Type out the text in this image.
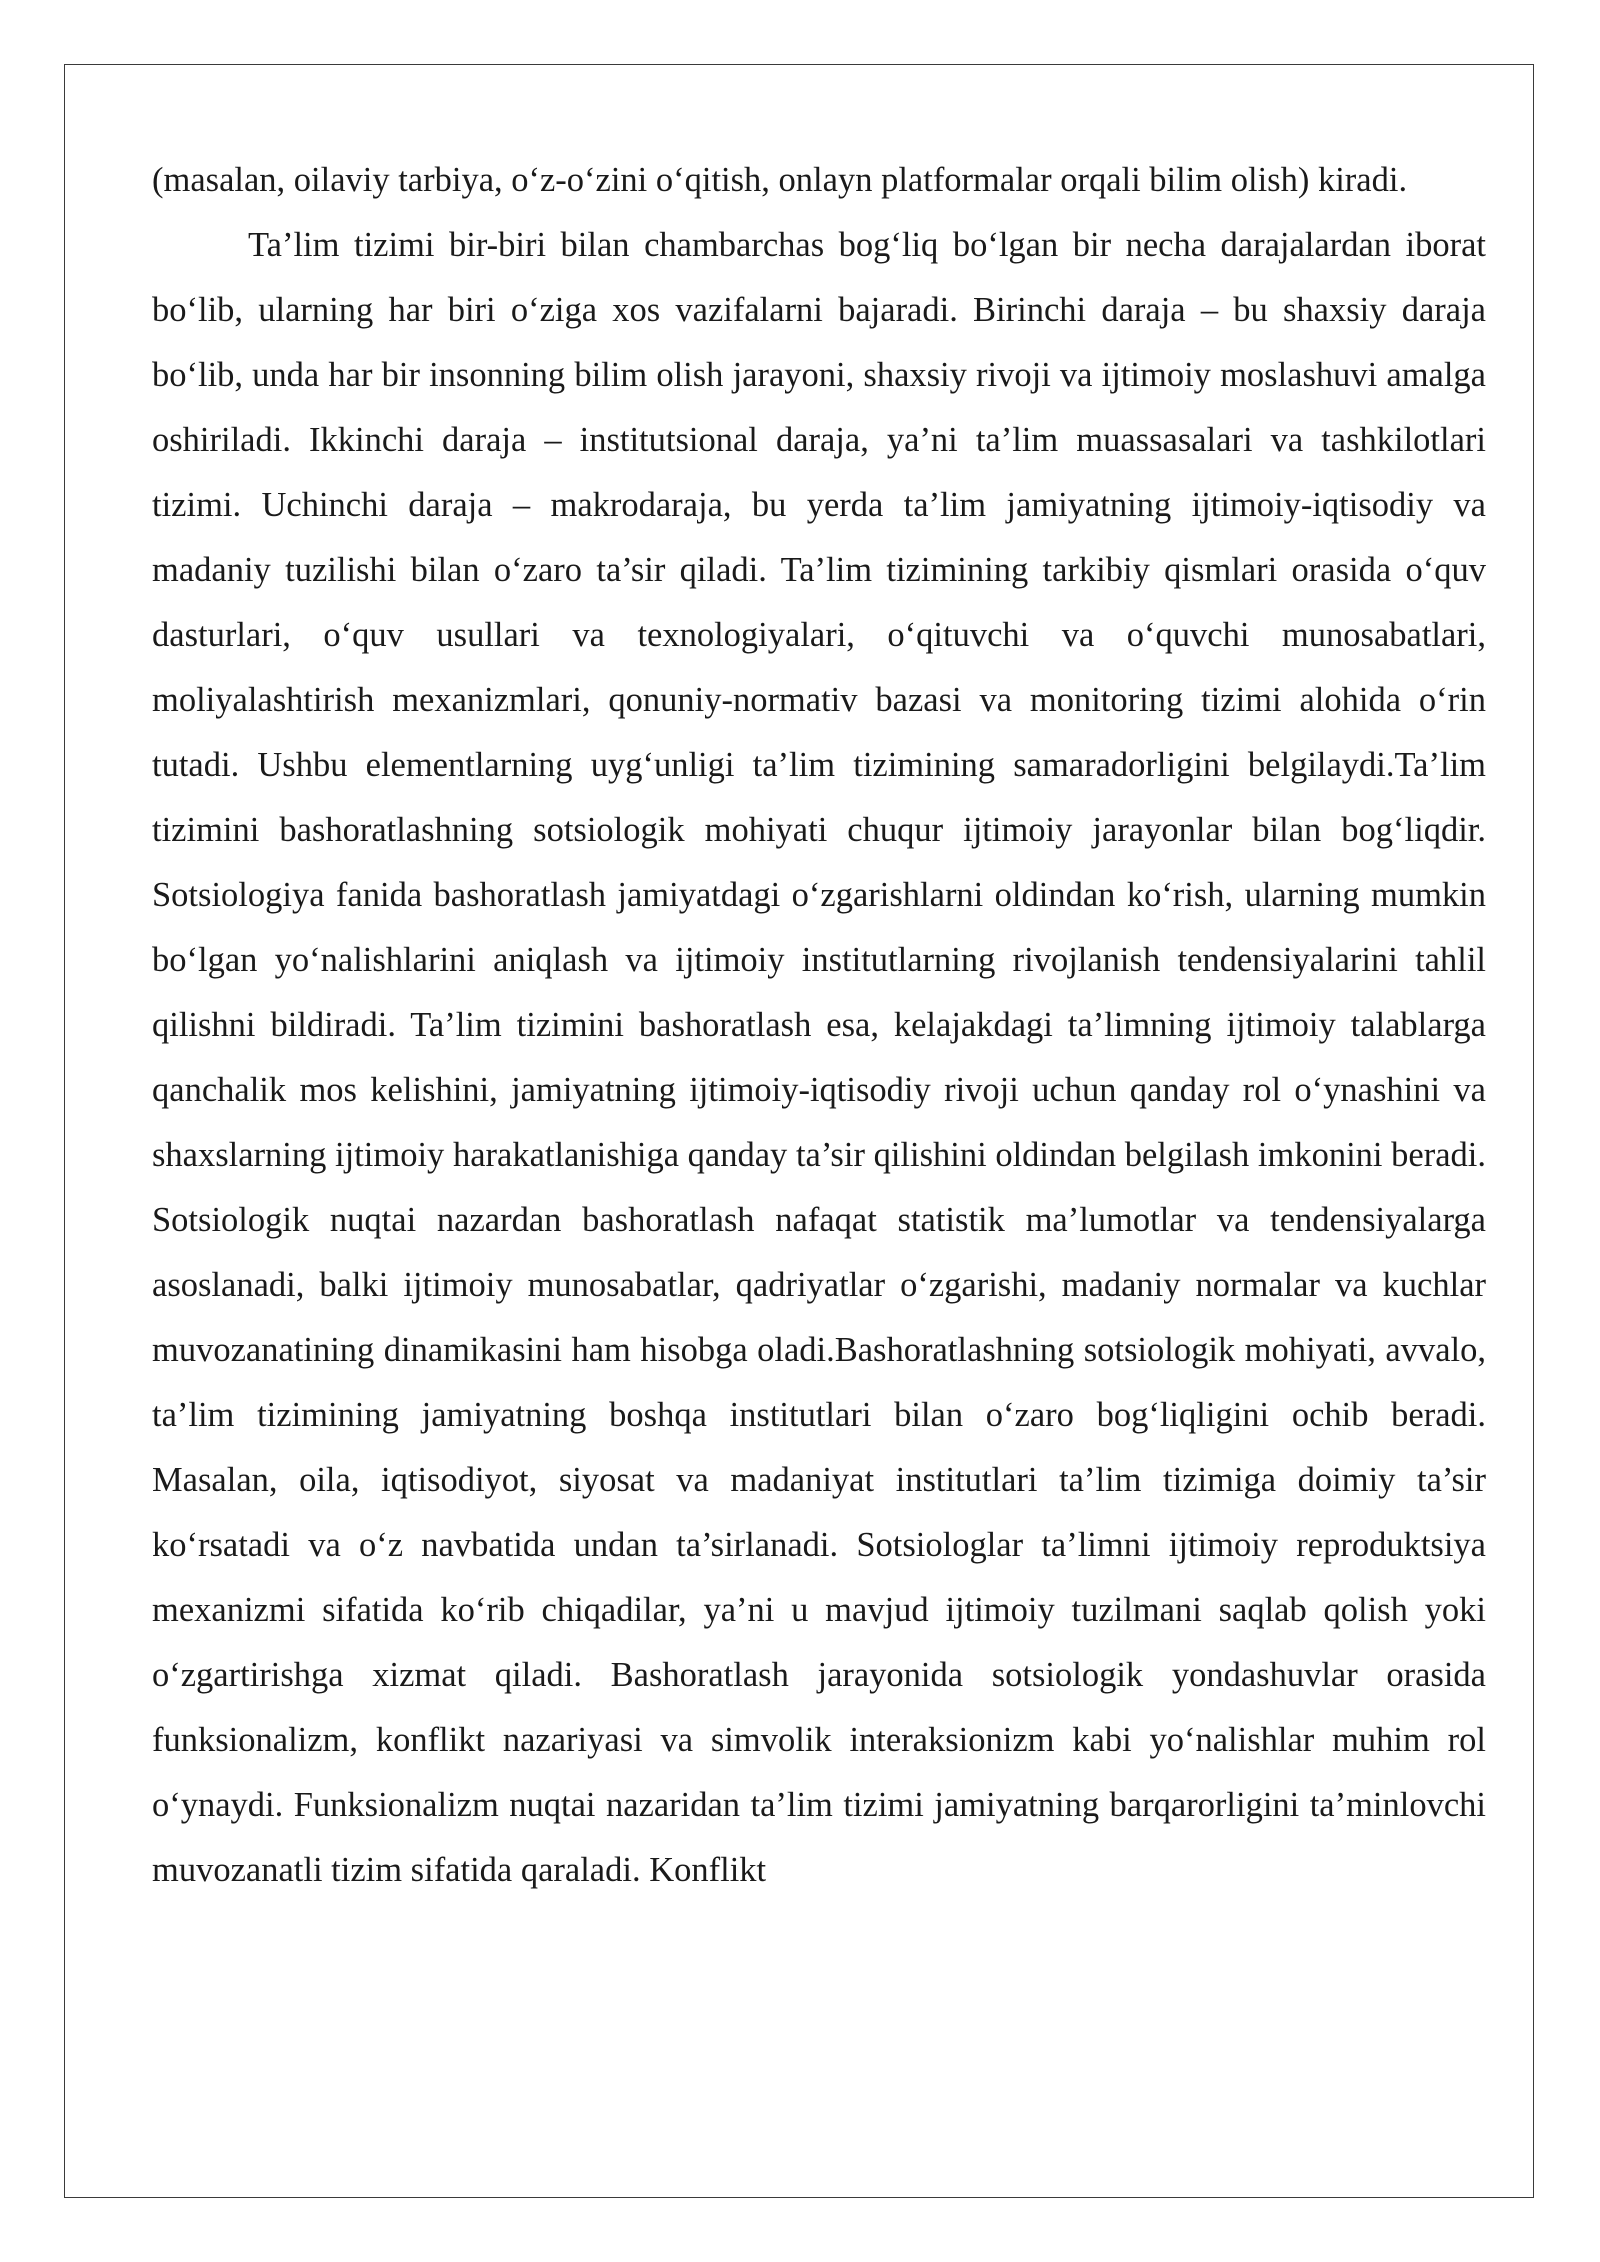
(masalan, oilaviy tarbiya, o‘z-o‘zini o‘qitish, onlayn platformalar orqali bilim olish) kiradi.

Ta’lim tizimi bir-biri bilan chambarchas bog‘liq bo‘lgan bir necha darajalardan iborat bo‘lib, ularning har biri o‘ziga xos vazifalarni bajaradi. Birinchi daraja – bu shaxsiy daraja bo‘lib, unda har bir insonning bilim olish jarayoni, shaxsiy rivoji va ijtimoiy moslashuvi amalga oshiriladi. Ikkinchi daraja – institutsional daraja, ya’ni ta’lim muassasalari va tashkilotlari tizimi. Uchinchi daraja – makrodaraja, bu yerda ta’lim jamiyatning ijtimoiy-iqtisodiy va madaniy tuzilishi bilan o‘zaro ta’sir qiladi. Ta’lim tizimining tarkibiy qismlari orasida o‘quv dasturlari, o‘quv usullari va texnologiyalari, o‘qituvchi va o‘quvchi munosabatlari, moliyalashtirish mexanizmlari, qonuniy-normativ bazasi va monitoring tizimi alohida o‘rin tutadi. Ushbu elementlarning uyg‘unligi ta’lim tizimining samaradorligini belgilaydi.Ta’lim tizimini bashoratlashning sotsiologik mohiyati chuqur ijtimoiy jarayonlar bilan bog‘liqdir. Sotsiologiya fanida bashoratlash jamiyatdagi o‘zgarishlarni oldindan ko‘rish, ularning mumkin bo‘lgan yo‘nalishlarini aniqlash va ijtimoiy institutlarning rivojlanish tendensiyalarini tahlil qilishni bildiradi. Ta’lim tizimini bashoratlash esa, kelajakdagi ta’limning ijtimoiy talablarga qanchalik mos kelishini, jamiyatning ijtimoiy-iqtisodiy rivoji uchun qanday rol o‘ynashini va shaxslarning ijtimoiy harakatlanishiga qanday ta’sir qilishini oldindan belgilash imkonini beradi. Sotsiologik nuqtai nazardan bashoratlash nafaqat statistik ma’lumotlar va tendensiyalarga asoslanadi, balki ijtimoiy munosabatlar, qadriyatlar o‘zgarishi, madaniy normalar va kuchlar muvozanatining dinamikasini ham hisobga oladi.Bashoratlashning sotsiologik mohiyati, avvalo, ta’lim tizimining jamiyatning boshqa institutlari bilan o‘zaro bog‘liqligini ochib beradi. Masalan, oila, iqtisodiyot, siyosat va madaniyat institutlari ta’lim tizimiga doimiy ta’sir ko‘rsatadi va o‘z navbatida undan ta’sirlanadi. Sotsiologlar ta’limni ijtimoiy reproduktsiya mexanizmi sifatida ko‘rib chiqadilar, ya’ni u mavjud ijtimoiy tuzilmani saqlab qolish yoki o‘zgartirishga xizmat qiladi. Bashoratlash jarayonida sotsiologik yondashuvlar orasida funksionalizm, konflikt nazariyasi va simvolik interaksionizm kabi yo‘nalishlar muhim rol o‘ynaydi. Funksionalizm nuqtai nazaridan ta’lim tizimi jamiyatning barqarorligini ta’minlovchi muvozanatli tizim sifatida qaraladi. Konflikt
